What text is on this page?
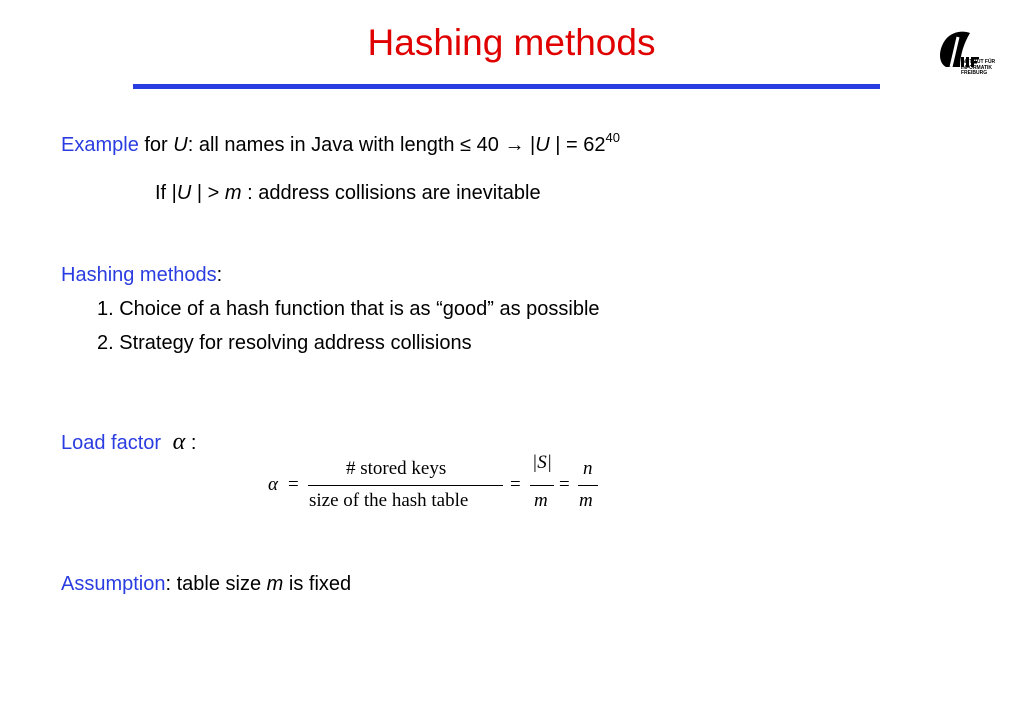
Hashing methods	INSTITUT FÜR
INFORMATIK
FREIBURG
Example for U: all names in Java with length ≤ 40 → |U | = $62^{40}$
If |U | > m : address collisions are inevitable
Hashing methods:
1. Choice of a hash function that is as “good” as possible
2. Strategy for resolving address collisions
Load factor α :
α =
# stored keys
size of the hash table
=
|S|
m
=
n
m
Assumption: table size m is fixed
